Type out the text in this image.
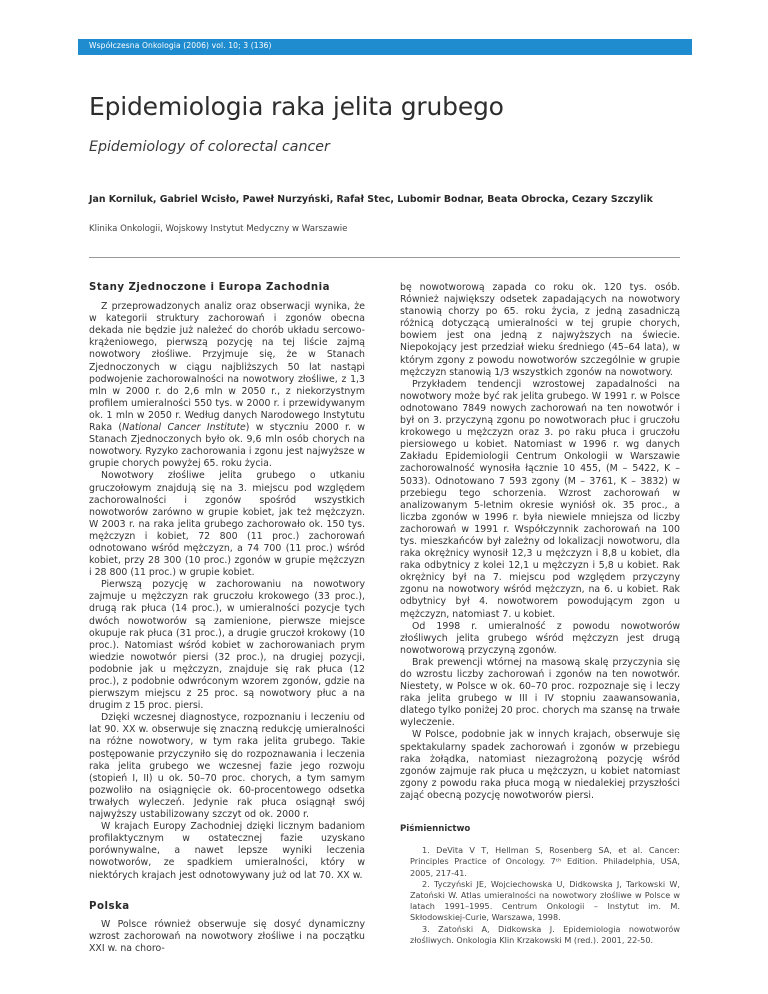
Współczesna Onkologia (2006) vol. 10; 3 (136)
Epidemiologia raka jelita grubego
Epidemiology of colorectal cancer
Jan Korniluk, Gabriel Wcisło, Paweł Nurzyński, Rafał Stec, Lubomir Bodnar, Beata Obrocka, Cezary Szczylik
Klinika Onkologii, Wojskowy Instytut Medyczny w Warszawie
Stany Zjednoczone i Europa Zachodnia

Z przeprowadzonych analiz oraz obserwacji wynika, że w kategorii struktury zachorowań i zgonów obecna dekada nie będzie już należeć do chorób układu sercowo-krążeniowego, pierwszą pozycję na tej liście zajmą nowotwory złośliwe. Przyjmuje się, że w Stanach Zjednoczonych w ciągu najbliższych 50 lat nastąpi podwojenie zachorowalności na nowotwory złośliwe, z 1,3 mln w 2000 r. do 2,6 mln w 2050 r., z niekorzystnym profilem umieralności 550 tys. w 2000 r. i przewidywanym ok. 1 mln w 2050 r. Według danych Narodowego Instytutu Raka (National Cancer Institute) w styczniu 2000 r. w Stanach Zjednoczonych było ok. 9,6 mln osób chorych na nowotwory. Ryzyko zachorowania i zgonu jest najwyższe w grupie chorych powyżej 65. roku życia.

Nowotwory złośliwe jelita grubego o utkaniu gruczołowym znajdują się na 3. miejscu pod względem zachorowalności i zgonów spośród wszystkich nowotworów zarówno w grupie kobiet, jak też mężczyzn. W 2003 r. na raka jelita grubego zachorowało ok. 150 tys. mężczyzn i kobiet, 72 800 (11 proc.) zachorowań odnotowano wśród mężczyzn, a 74 700 (11 proc.) wśród kobiet, przy 28 300 (10 proc.) zgonów w grupie mężczyzn i 28 800 (11 proc.) w grupie kobiet.

Pierwszą pozycję w zachorowaniu na nowotwory zajmuje u mężczyzn rak gruczołu krokowego (33 proc.), drugą rak płuca (14 proc.), w umieralności pozycje tych dwóch nowotworów są zamienione, pierwsze miejsce okupuje rak płuca (31 proc.), a drugie gruczoł krokowy (10 proc.). Natomiast wśród kobiet w zachorowaniach prym wiedzie nowotwór piersi (32 proc.), na drugiej pozycji, podobnie jak u mężczyzn, znajduje się rak płuca (12 proc.), z podobnie odwróconym wzorem zgonów, gdzie na pierwszym miejscu z 25 proc. są nowotwory płuc a na drugim z 15 proc. piersi.

Dzięki wczesnej diagnostyce, rozpoznaniu i leczeniu od lat 90. XX w. obserwuje się znaczną redukcję umieralności na różne nowotwory, w tym raka jelita grubego. Takie postępowanie przyczyniło się do rozpoznawania i leczenia raka jelita grubego we wczesnej fazie jego rozwoju (stopień I, II) u ok. 50–70 proc. chorych, a tym samym pozwoliło na osiągnięcie ok. 60-procentowego odsetka trwałych wyleczeń. Jedynie rak płuca osiągnął swój najwyższy ustabilizowany szczyt od ok. 2000 r.

W krajach Europy Zachodniej dzięki licznym badaniom profilaktycznym w ostatecznej fazie uzyskano porównywalne, a nawet lepsze wyniki leczenia nowotworów, ze spadkiem umieralności, który w niektórych krajach jest odnotowywany już od lat 70. XX w.

Polska

W Polsce również obserwuje się dosyć dynamiczny wzrost zachorowań na nowotwory złośliwe i na początku XXI w. na choro-

bę nowotworową zapada co roku ok. 120 tys. osób. Również największy odsetek zapadających na nowotwory stanowią chorzy po 65. roku życia, z jedną zasadniczą różnicą dotyczącą umieralności w tej grupie chorych, bowiem jest ona jedną z najwyższych na świecie. Niepokojący jest przedział wieku średniego (45–64 lata), w którym zgony z powodu nowotworów szczególnie w grupie mężczyzn stanowią 1/3 wszystkich zgonów na nowotwory.

Przykładem tendencji wzrostowej zapadalności na nowotwory może być rak jelita grubego. W 1991 r. w Polsce odnotowano 7849 nowych zachorowań na ten nowotwór i był on 3. przyczyną zgonu po nowotworach płuc i gruczołu krokowego u mężczyzn oraz 3. po raku płuca i gruczołu piersiowego u kobiet. Natomiast w 1996 r. wg danych Zakładu Epidemiologii Centrum Onkologii w Warszawie zachorowalność wynosiła łącznie 10 455, (M – 5422, K – 5033). Odnotowano 7 593 zgony (M – 3761, K – 3832) w przebiegu tego schorzenia. Wzrost zachorowań w analizowanym 5-letnim okresie wyniósł ok. 35 proc., a liczba zgonów w 1996 r. była niewiele mniejsza od liczby zachorowań w 1991 r. Współczynnik zachorowań na 100 tys. mieszkańców był zależny od lokalizacji nowotworu, dla raka okrężnicy wynosił 12,3 u mężczyzn i 8,8 u kobiet, dla raka odbytnicy z kolei 12,1 u mężczyzn i 5,8 u kobiet. Rak okrężnicy był na 7. miejscu pod względem przyczyny zgonu na nowotwory wśród mężczyzn, na 6. u kobiet. Rak odbytnicy był 4. nowotworem powodującym zgon u mężczyzn, natomiast 7. u kobiet.

Od 1998 r. umieralność z powodu nowotworów złośliwych jelita grubego wśród mężczyzn jest drugą nowotworową przyczyną zgonów.

Brak prewencji wtórnej na masową skalę przyczynia się do wzrostu liczby zachorowań i zgonów na ten nowotwór. Niestety, w Polsce w ok. 60–70 proc. rozpoznaje się i leczy raka jelita grubego w III i IV stopniu zaawansowania, dlatego tylko poniżej 20 proc. chorych ma szansę na trwałe wyleczenie.

W Polsce, podobnie jak w innych krajach, obserwuje się spektakularny spadek zachorowań i zgonów w przebiegu raka żołądka, natomiast niezagrożoną pozycję wśród zgonów zajmuje rak płuca u mężczyzn, u kobiet natomiast zgony z powodu raka płuca mogą w niedalekiej przyszłości zająć obecną pozycję nowotworów piersi.

Piśmiennictwo

1. DeVita V T, Hellman S, Rosenberg SA, et al. Cancer: Principles Practice of Oncology. 7ᵗʰ Edition. Philadelphia, USA, 2005, 217-41.

2. Tyczyński JE, Wojciechowska U, Didkowska J, Tarkowski W, Zatoński W. Atlas umieralności na nowotwory złośliwe w Polsce w latach 1991–1995. Centrum Onkologii – Instytut im. M. Skłodowskiej-Curie, Warszawa, 1998.

3. Zatoński A, Didkowska J. Epidemiologia nowotworów złośliwych. Onkologia Klin Krzakowski M (red.). 2001, 22-50.
